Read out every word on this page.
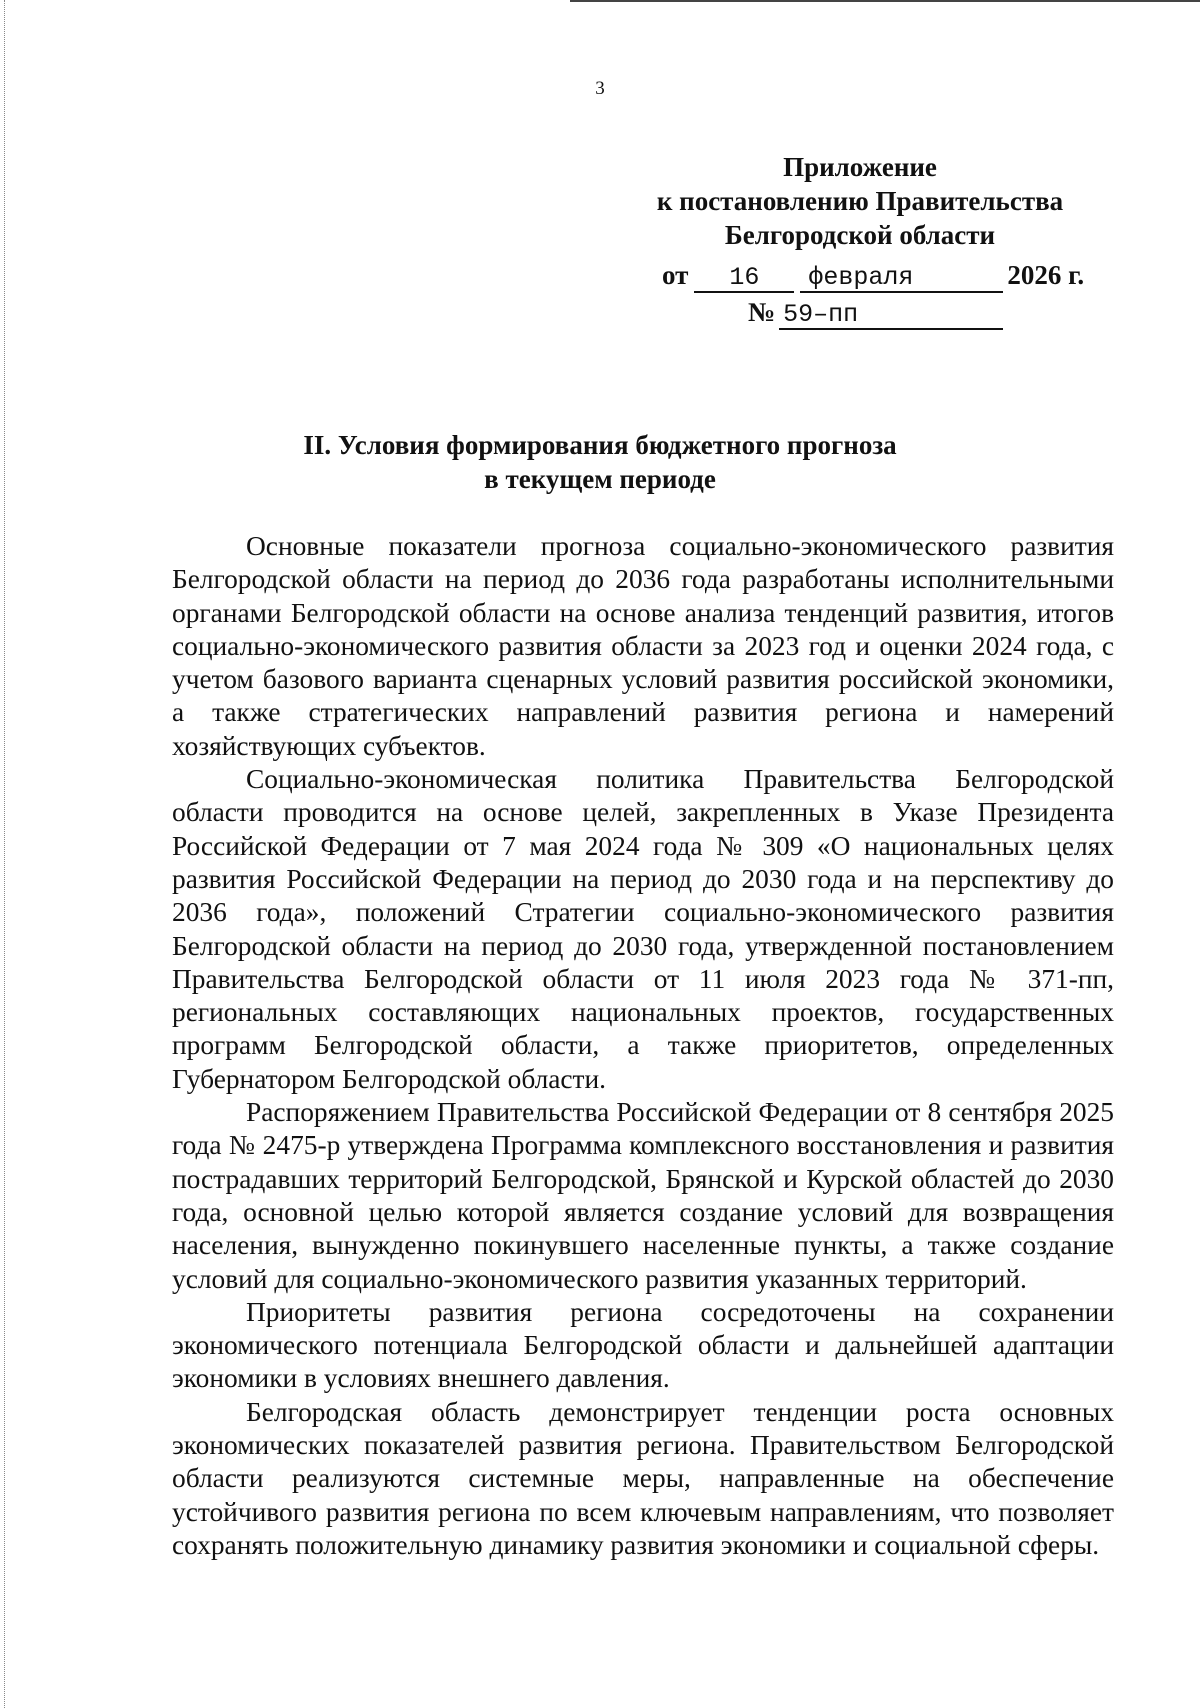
3
Приложение
к постановлению Правительства
Белгородской области
от 16 февраля	2026 г.
№ 59–пп
II. Условия формирования бюджетного прогноза
в текущем периоде

Основные показатели прогноза социально-экономического развития Белгородской области на период до 2036 года разработаны исполнительными органами Белгородской области на основе анализа тенденций развития, итогов социально-экономического развития области за 2023 год и оценки 2024 года, с учетом базового варианта сценарных условий развития российской экономики, а также стратегических направлений развития региона и намерений хозяйствующих субъектов.

Социально-экономическая политика Правительства Белгородской области проводится на основе целей, закрепленных в Указе Президента Российской Федерации от 7 мая 2024 года № 309 «О национальных целях развития Российской Федерации на период до 2030 года и на перспективу до 2036 года», положений Стратегии социально-экономического развития Белгородской области на период до 2030 года, утвержденной постановлением Правительства Белгородской области от 11 июля 2023 года № 371-пп, региональных составляющих национальных проектов, государственных программ Белгородской области, а также приоритетов, определенных Губернатором Белгородской области.

Распоряжением Правительства Российской Федерации от 8 сентября 2025 года № 2475-р утверждена Программа комплексного восстановления и развития пострадавших территорий Белгородской, Брянской и Курской областей до 2030 года, основной целью которой является создание условий для возвращения населения, вынужденно покинувшего населенные пункты, а также создание условий для социально-экономического развития указанных территорий.

Приоритеты развития региона сосредоточены на сохранении экономического потенциала Белгородской области и дальнейшей адаптации экономики в условиях внешнего давления.

Белгородская область демонстрирует тенденции роста основных экономических показателей развития региона. Правительством Белгородской области реализуются системные меры, направленные на обеспечение устойчивого развития региона по всем ключевым направлениям, что позволяет сохранять положительную динамику развития экономики и социальной сферы.
